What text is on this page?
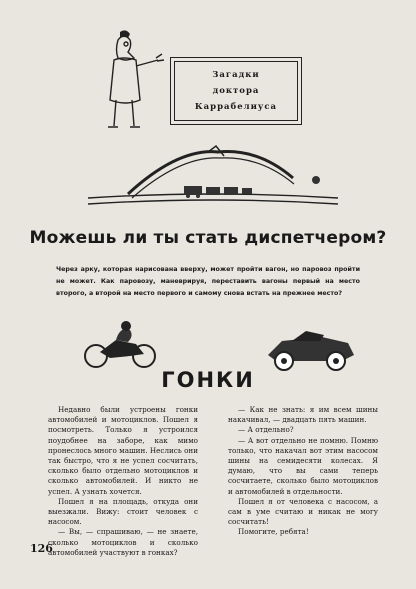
Загадки
доктора
Каррабелиуса
Можешь ли ты стать диспетчером?
Через арку, которая нарисована вверху, может пройти вагон, но паровоз пройти не может. Как паровозу, маневрируя, переставить вагоны первый на место второго, а второй на место первого и самому снова встать на прежнее место?
ГОНКИ

Недавно были устроены гонки автомобилей и мотоциклов. Пошел я посмотреть. Только я устроился поудобнее на заборе, как мимо пронеслось много машин. Неслись они так быстро, что я не успел сосчитать, сколько было отдельно мотоциклов и сколько автомобилей. И никто не успел. А узнать хочется.

Пошел я на площадь, откуда они выезжали. Вижу: стоит человек с насосом.

— Вы, — спрашиваю, — не знаете, сколько мотоциклов и сколько автомобилей участвуют в гонках?

— Как не знать: я им всем шины накачивал, — двадцать пять машин.

— А отдельно?

— А вот отдельно не помню. Помню только, что накачал вот этим насосом шины на семидесяти колесах. Я думаю, что вы сами теперь сосчитаете, сколько было мотоциклов и автомобилей в отдельности.

Пошел я от человека с насосом, а сам в уме считаю и никак не могу сосчитать!

Помогите, ребята!

126
